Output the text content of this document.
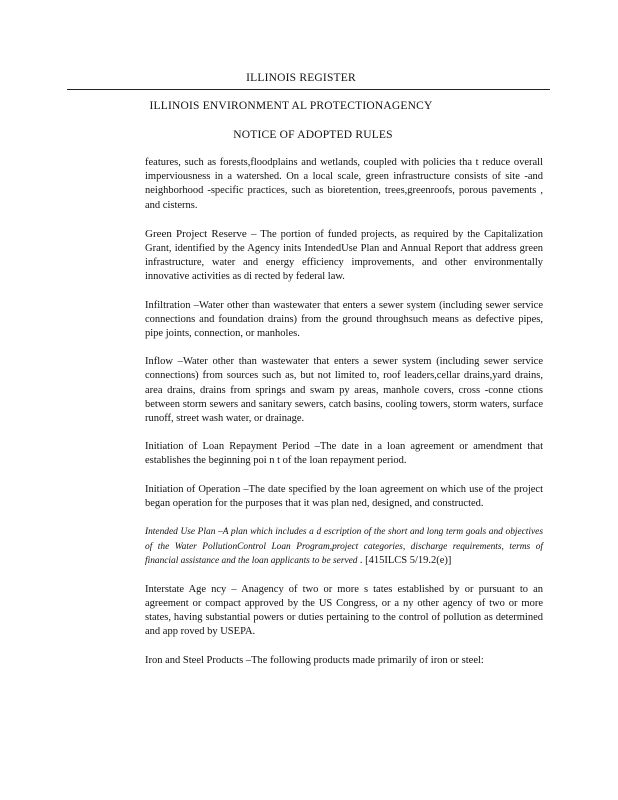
ILLINOIS REGISTER
ILLINOIS ENVIRONMENT AL PROTECTIONAGENCY
NOTICE OF ADOPTED RULES

features, such as forests,floodplains and wetlands, coupled with policies tha t reduce overall imperviousness in a watershed. On a local scale, green infrastructure consists of site -and neighborhood -specific practices, such as bioretention, trees,greenroofs, porous pavements , and cisterns.

Green Project Reserve – The portion of funded projects, as required by the Capitalization Grant, identified by the Agency inits IntendedUse Plan and Annual Report that address green infrastructure, water and energy efficiency improvements, and other environmentally innovative activities as di rected by federal law.

Infiltration –Water other than wastewater that enters a sewer system (including sewer service connections and foundation drains) from the ground throughsuch means as defective pipes, pipe joints, connection, or manholes.

Inflow –Water other than wastewater that enters a sewer system (including sewer service connections) from sources such as, but not limited to, roof leaders,cellar drains,yard drains, area drains, drains from springs and swam py areas, manhole covers, cross -conne ctions between storm sewers and sanitary sewers, catch basins, cooling towers, storm waters, surface runoff, street wash water, or drainage.

Initiation of Loan Repayment Period –The date in a loan agreement or amendment that establishes the beginning poi n t of the loan repayment period.

Initiation of Operation –The date specified by the loan agreement on which use of the project began operation for the purposes that it was plan ned, designed, and constructed.

Intended Use Plan –A plan which includes a d escription of the short and long term goals and objectives of the Water PollutionControl Loan Program,project categories, discharge requirements, terms of financial assistance and the loan applicants to be served . [415ILCS 5/19.2(e)]

Interstate Age ncy – Anagency of two or more s tates established by or pursuant to an agreement or compact approved by the US Congress, or a ny other agency of two or more states, having substantial powers or duties pertaining to the control of pollution as determined and app roved by USEPA.

Iron and Steel Products –The following products made primarily of iron or steel:
